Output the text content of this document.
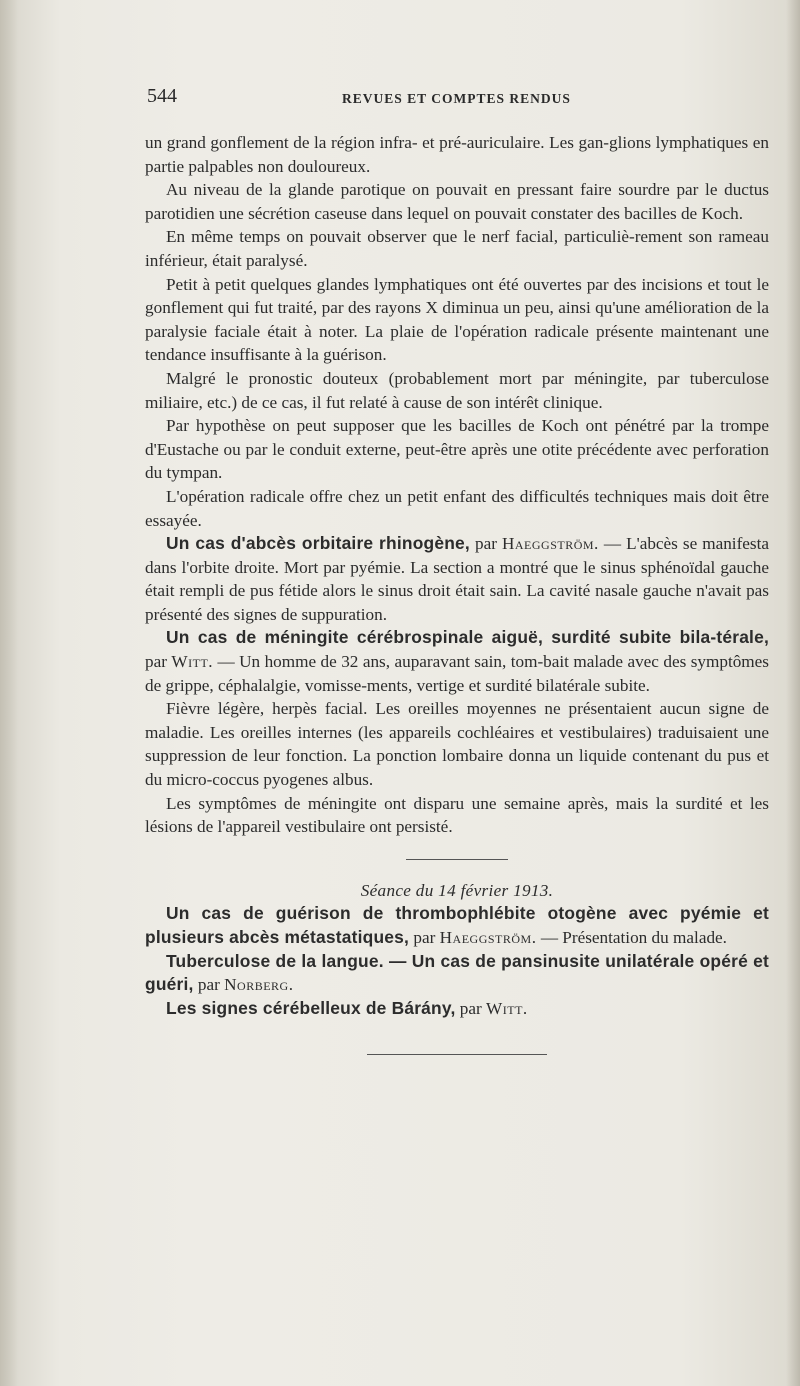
544	REVUES ET COMPTES RENDUS

un grand gonflement de la région infra- et pré-auriculaire. Les gan-glions lymphatiques en partie palpables non douloureux.

Au niveau de la glande parotique on pouvait en pressant faire sourdre par le ductus parotidien une sécrétion caseuse dans lequel on pouvait constater des bacilles de Koch.

En même temps on pouvait observer que le nerf facial, particuliè-rement son rameau inférieur, était paralysé.

Petit à petit quelques glandes lymphatiques ont été ouvertes par des incisions et tout le gonflement qui fut traité, par des rayons X diminua un peu, ainsi qu'une amélioration de la paralysie faciale était à noter. La plaie de l'opération radicale présente maintenant une tendance insuffisante à la guérison.

Malgré le pronostic douteux (probablement mort par méningite, par tuberculose miliaire, etc.) de ce cas, il fut relaté à cause de son intérêt clinique.

Par hypothèse on peut supposer que les bacilles de Koch ont pénétré par la trompe d'Eustache ou par le conduit externe, peut-être après une otite précédente avec perforation du tympan.

L'opération radicale offre chez un petit enfant des difficultés techniques mais doit être essayée.

Un cas d'abcès orbitaire rhinogène, par Haeggström. — L'abcès se manifesta dans l'orbite droite. Mort par pyémie. La section a montré que le sinus sphénoïdal gauche était rempli de pus fétide alors le sinus droit était sain. La cavité nasale gauche n'avait pas présenté des signes de suppuration.

Un cas de méningite cérébrospinale aiguë, surdité subite bila-térale, par Witt. — Un homme de 32 ans, auparavant sain, tom-bait malade avec des symptômes de grippe, céphalalgie, vomisse-ments, vertige et surdité bilatérale subite.

Fièvre légère, herpès facial. Les oreilles moyennes ne présentaient aucun signe de maladie. Les oreilles internes (les appareils cochléaires et vestibulaires) traduisaient une suppression de leur fonction. La ponction lombaire donna un liquide contenant du pus et du micro-coccus pyogenes albus.

Les symptômes de méningite ont disparu une semaine après, mais la surdité et les lésions de l'appareil vestibulaire ont persisté.

Séance du 14 février 1913.

Un cas de guérison de thrombophlébite otogène avec pyémie et plusieurs abcès métastatiques, par Haeggström. — Présentation du malade.

Tuberculose de la langue. — Un cas de pansinusite unilatérale opéré et guéri, par Norberg.

Les signes cérébelleux de Bárány, par Witt.
